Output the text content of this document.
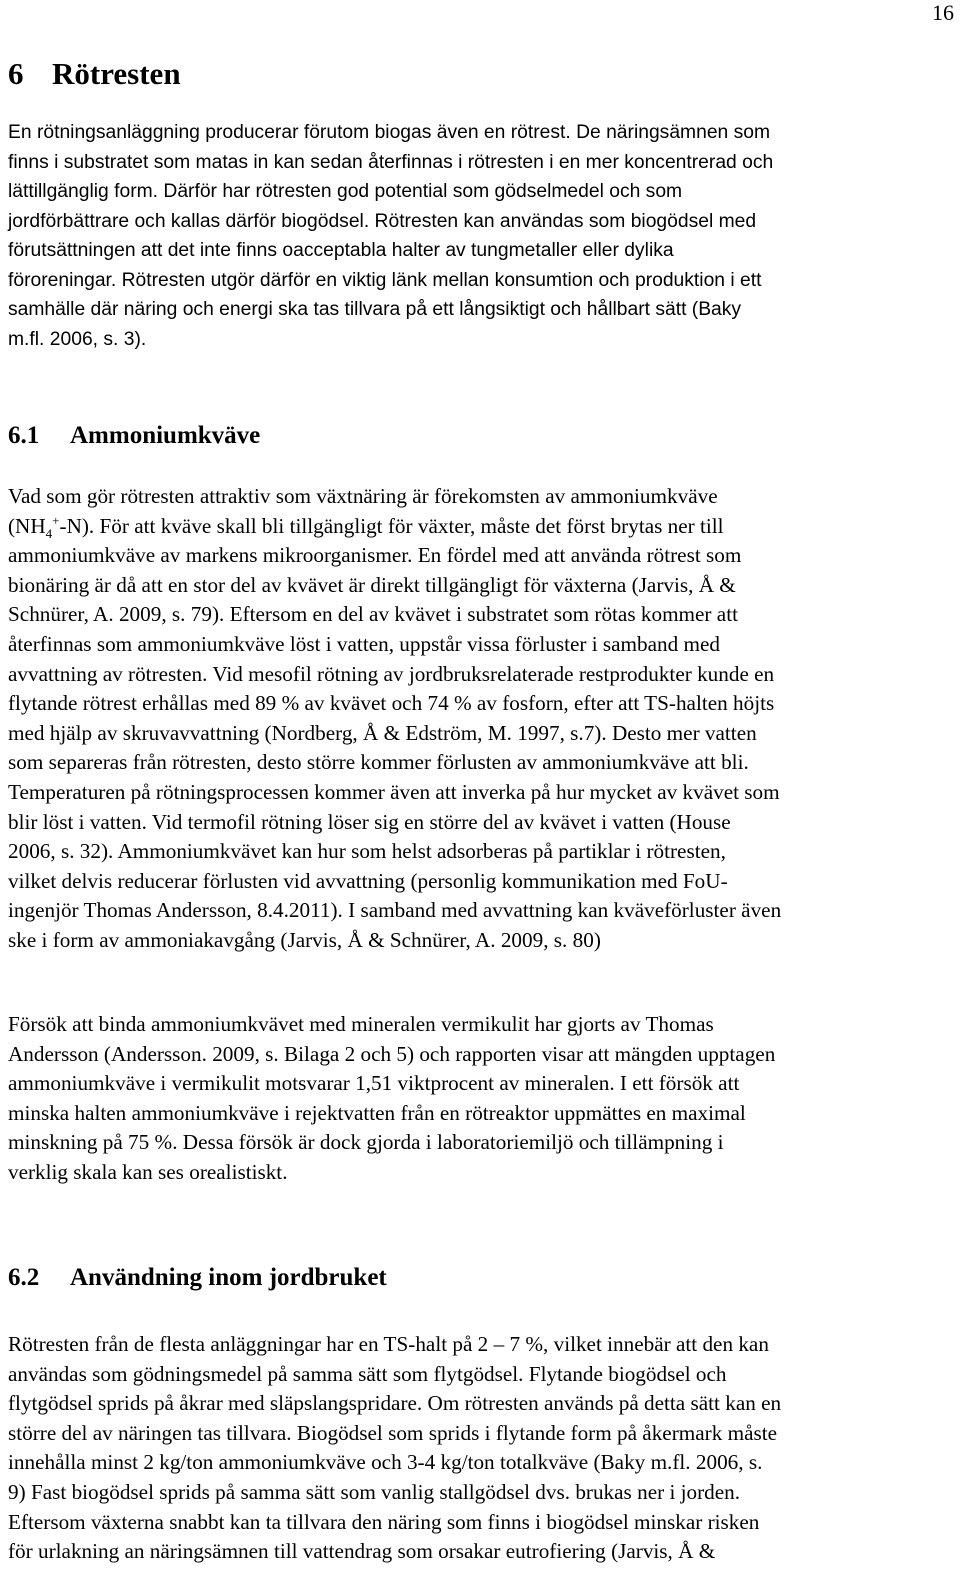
16
6 Rötresten
En rötningsanläggning producerar förutom biogas även en rötrest. De näringsämnen som
finns i substratet som matas in kan sedan återfinnas i rötresten i en mer koncentrerad och
lättillgänglig form. Därför har rötresten god potential som gödselmedel och som
jordförbättrare och kallas därför biogödsel. Rötresten kan användas som biogödsel med
förutsättningen att det inte finns oacceptabla halter av tungmetaller eller dylika
föroreningar. Rötresten utgör därför en viktig länk mellan konsumtion och produktion i ett
samhälle där näring och energi ska tas tillvara på ett långsiktigt och hållbart sätt (Baky
m.fl. 2006, s. 3).
6.1 Ammoniumkväve
Vad som gör rötresten attraktiv som växtnäring är förekomsten av ammoniumkväve
$(NH_4^+-N)$. För att kväve skall bli tillgängligt för växter, måste det först brytas ner till
ammoniumkväve av markens mikroorganismer. En fördel med att använda rötrest som
bionäring är då att en stor del av kvävet är direkt tillgängligt för växterna (Jarvis, Å &
Schnürer, A. 2009, s. 79). Eftersom en del av kvävet i substratet som rötas kommer att
återfinnas som ammoniumkväve löst i vatten, uppstår vissa förluster i samband med
avvattning av rötresten. Vid mesofil rötning av jordbruksrelaterade restprodukter kunde en
flytande rötrest erhållas med 89 % av kvävet och 74 % av fosforn, efter att TS-halten höjts
med hjälp av skruvavvattning (Nordberg, Å & Edström, M. 1997, s.7). Desto mer vatten
som separeras från rötresten, desto större kommer förlusten av ammoniumkväve att bli.
Temperaturen på rötningsprocessen kommer även att inverka på hur mycket av kvävet som
blir löst i vatten. Vid termofil rötning löser sig en större del av kvävet i vatten (House
2006, s. 32). Ammoniumkvävet kan hur som helst adsorberas på partiklar i rötresten,
vilket delvis reducerar förlusten vid avvattning (personlig kommunikation med FoU-
ingenjör Thomas Andersson, 8.4.2011). I samband med avvattning kan kväveförluster även
ske i form av ammoniakavgång (Jarvis, Å & Schnürer, A. 2009, s. 80)
Försök att binda ammoniumkvävet med mineralen vermikulit har gjorts av Thomas
Andersson (Andersson. 2009, s. Bilaga 2 och 5) och rapporten visar att mängden upptagen
ammoniumkväve i vermikulit motsvarar 1,51 viktprocent av mineralen. I ett försök att
minska halten ammoniumkväve i rejektvatten från en rötreaktor uppmättes en maximal
minskning på 75 %. Dessa försök är dock gjorda i laboratoriemiljö och tillämpning i
verklig skala kan ses orealistiskt.
6.2 Användning inom jordbruket
Rötresten från de flesta anläggningar har en TS-halt på 2 – 7 %, vilket innebär att den kan
användas som gödningsmedel på samma sätt som flytgödsel. Flytande biogödsel och
flytgödsel sprids på åkrar med släpslangspridare. Om rötresten används på detta sätt kan en
större del av näringen tas tillvara. Biogödsel som sprids i flytande form på åkermark måste
innehålla minst 2 kg/ton ammoniumkväve och 3-4 kg/ton totalkväve (Baky m.fl. 2006, s.
9) Fast biogödsel sprids på samma sätt som vanlig stallgödsel dvs. brukas ner i jorden.
Eftersom växterna snabbt kan ta tillvara den näring som finns i biogödsel minskar risken
för urlakning an näringsämnen till vattendrag som orsakar eutrofiering (Jarvis, Å &
